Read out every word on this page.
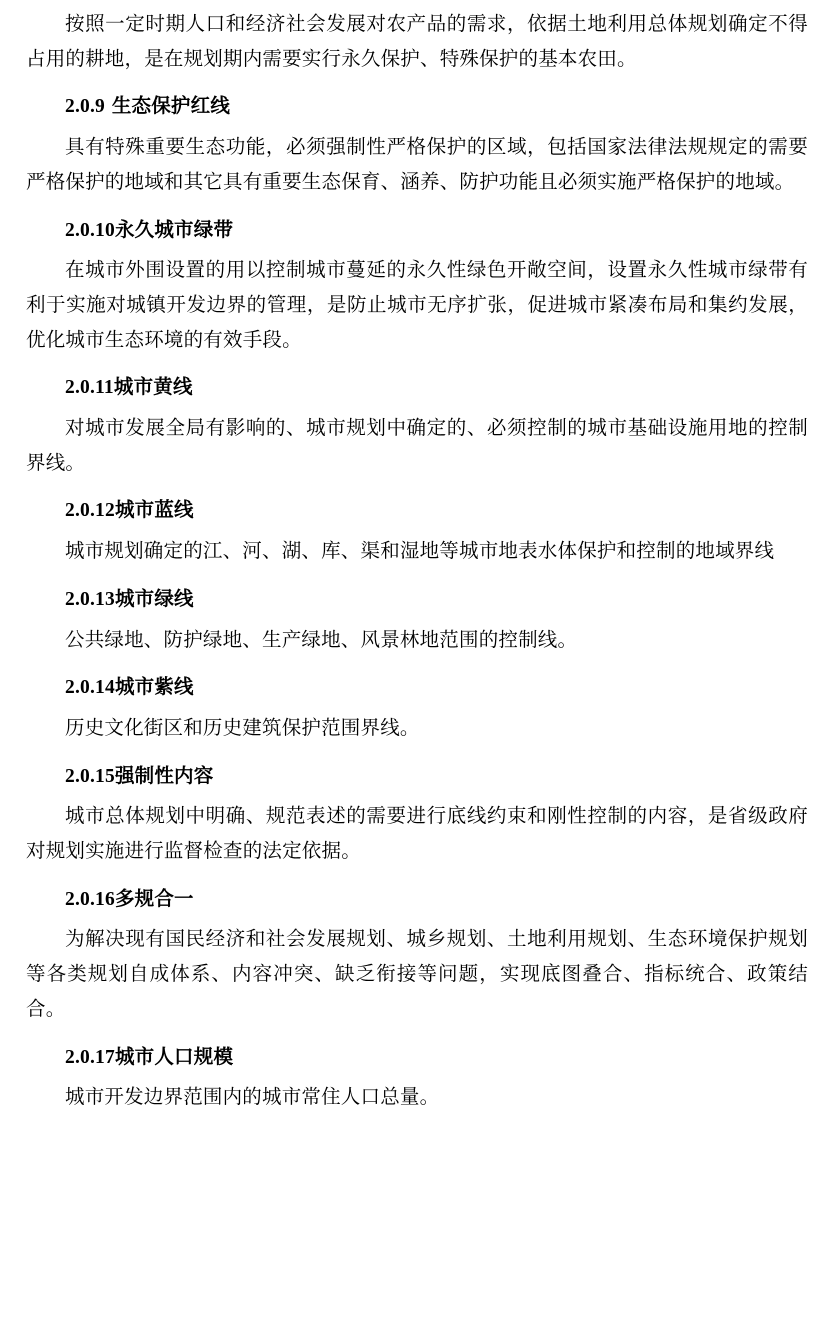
按照一定时期人口和经济社会发展对农产品的需求，依据土地利用总体规划确定不得占用的耕地，是在规划期内需要实行永久保护、特殊保护的基本农田。

2.0.9 生态保护红线

具有特殊重要生态功能，必须强制性严格保护的区域，包括国家法律法规规定的需要严格保护的地域和其它具有重要生态保育、涵养、防护功能且必须实施严格保护的地域。

2.0.10永久城市绿带

在城市外围设置的用以控制城市蔓延的永久性绿色开敞空间，设置永久性城市绿带有利于实施对城镇开发边界的管理，是防止城市无序扩张，促进城市紧凑布局和集约发展，优化城市生态环境的有效手段。

2.0.11城市黄线

对城市发展全局有影响的、城市规划中确定的、必须控制的城市基础设施用地的控制界线。

2.0.12城市蓝线

城市规划确定的江、河、湖、库、渠和湿地等城市地表水体保护和控制的地域界线

2.0.13城市绿线

公共绿地、防护绿地、生产绿地、风景林地范围的控制线。

2.0.14城市紫线

历史文化街区和历史建筑保护范围界线。

2.0.15强制性内容

城市总体规划中明确、规范表述的需要进行底线约束和刚性控制的内容，是省级政府对规划实施进行监督检查的法定依据。

2.0.16多规合一

为解决现有国民经济和社会发展规划、城乡规划、土地利用规划、生态环境保护规划等各类规划自成体系、内容冲突、缺乏衔接等问题，实现底图叠合、指标统合、政策结合。

2.0.17城市人口规模

城市开发边界范围内的城市常住人口总量。
